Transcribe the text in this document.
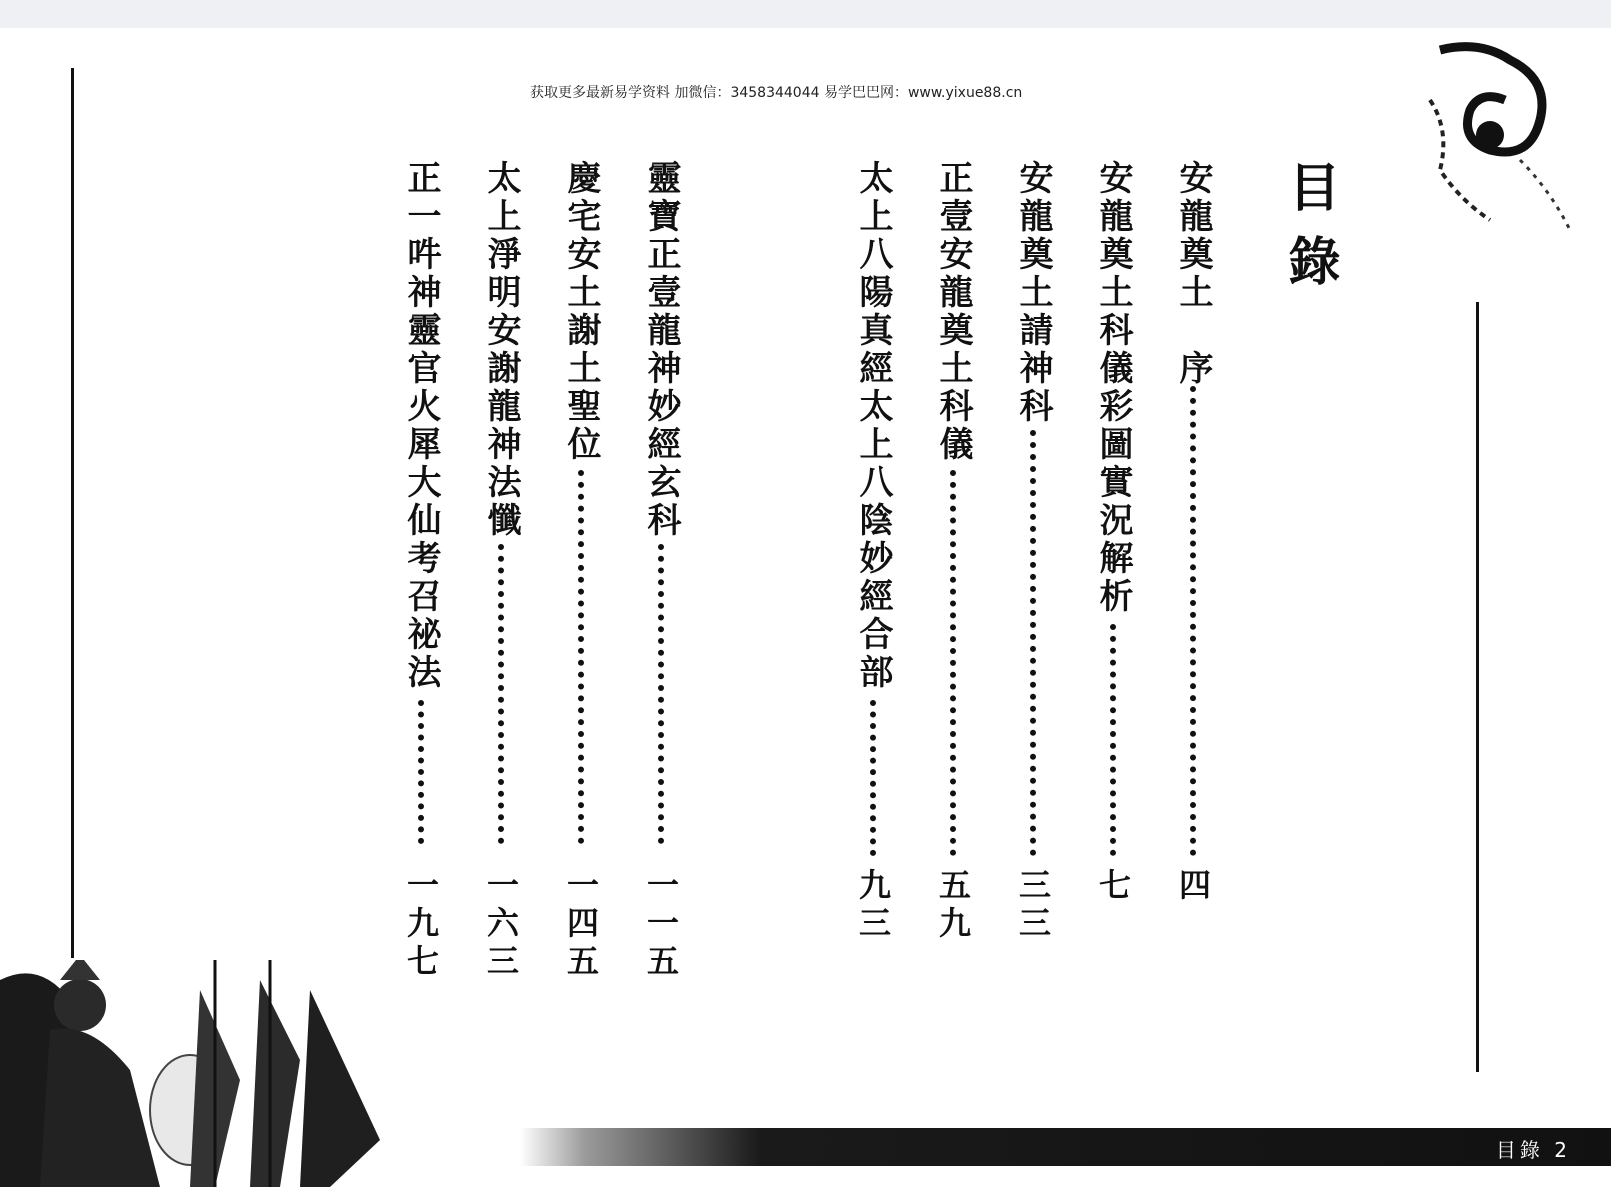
获取更多最新易学资料 加微信：3458344044 易学巴巴网：www.yixue88.cn
安龍奠土　序
四
安龍奠土科儀彩圖實況解析
七
安龍奠土請神科
三三
正壹安龍奠土科儀
五九
太上八陽真經太上八陰妙經合部
九三
靈寶正壹龍神妙經玄科
一一五
慶宅安土謝土聖位
一四五
太上淨明安謝龍神法懺
一六三
正一吽神靈官火犀大仙考召祕法
一九七
目錄
目錄 2
